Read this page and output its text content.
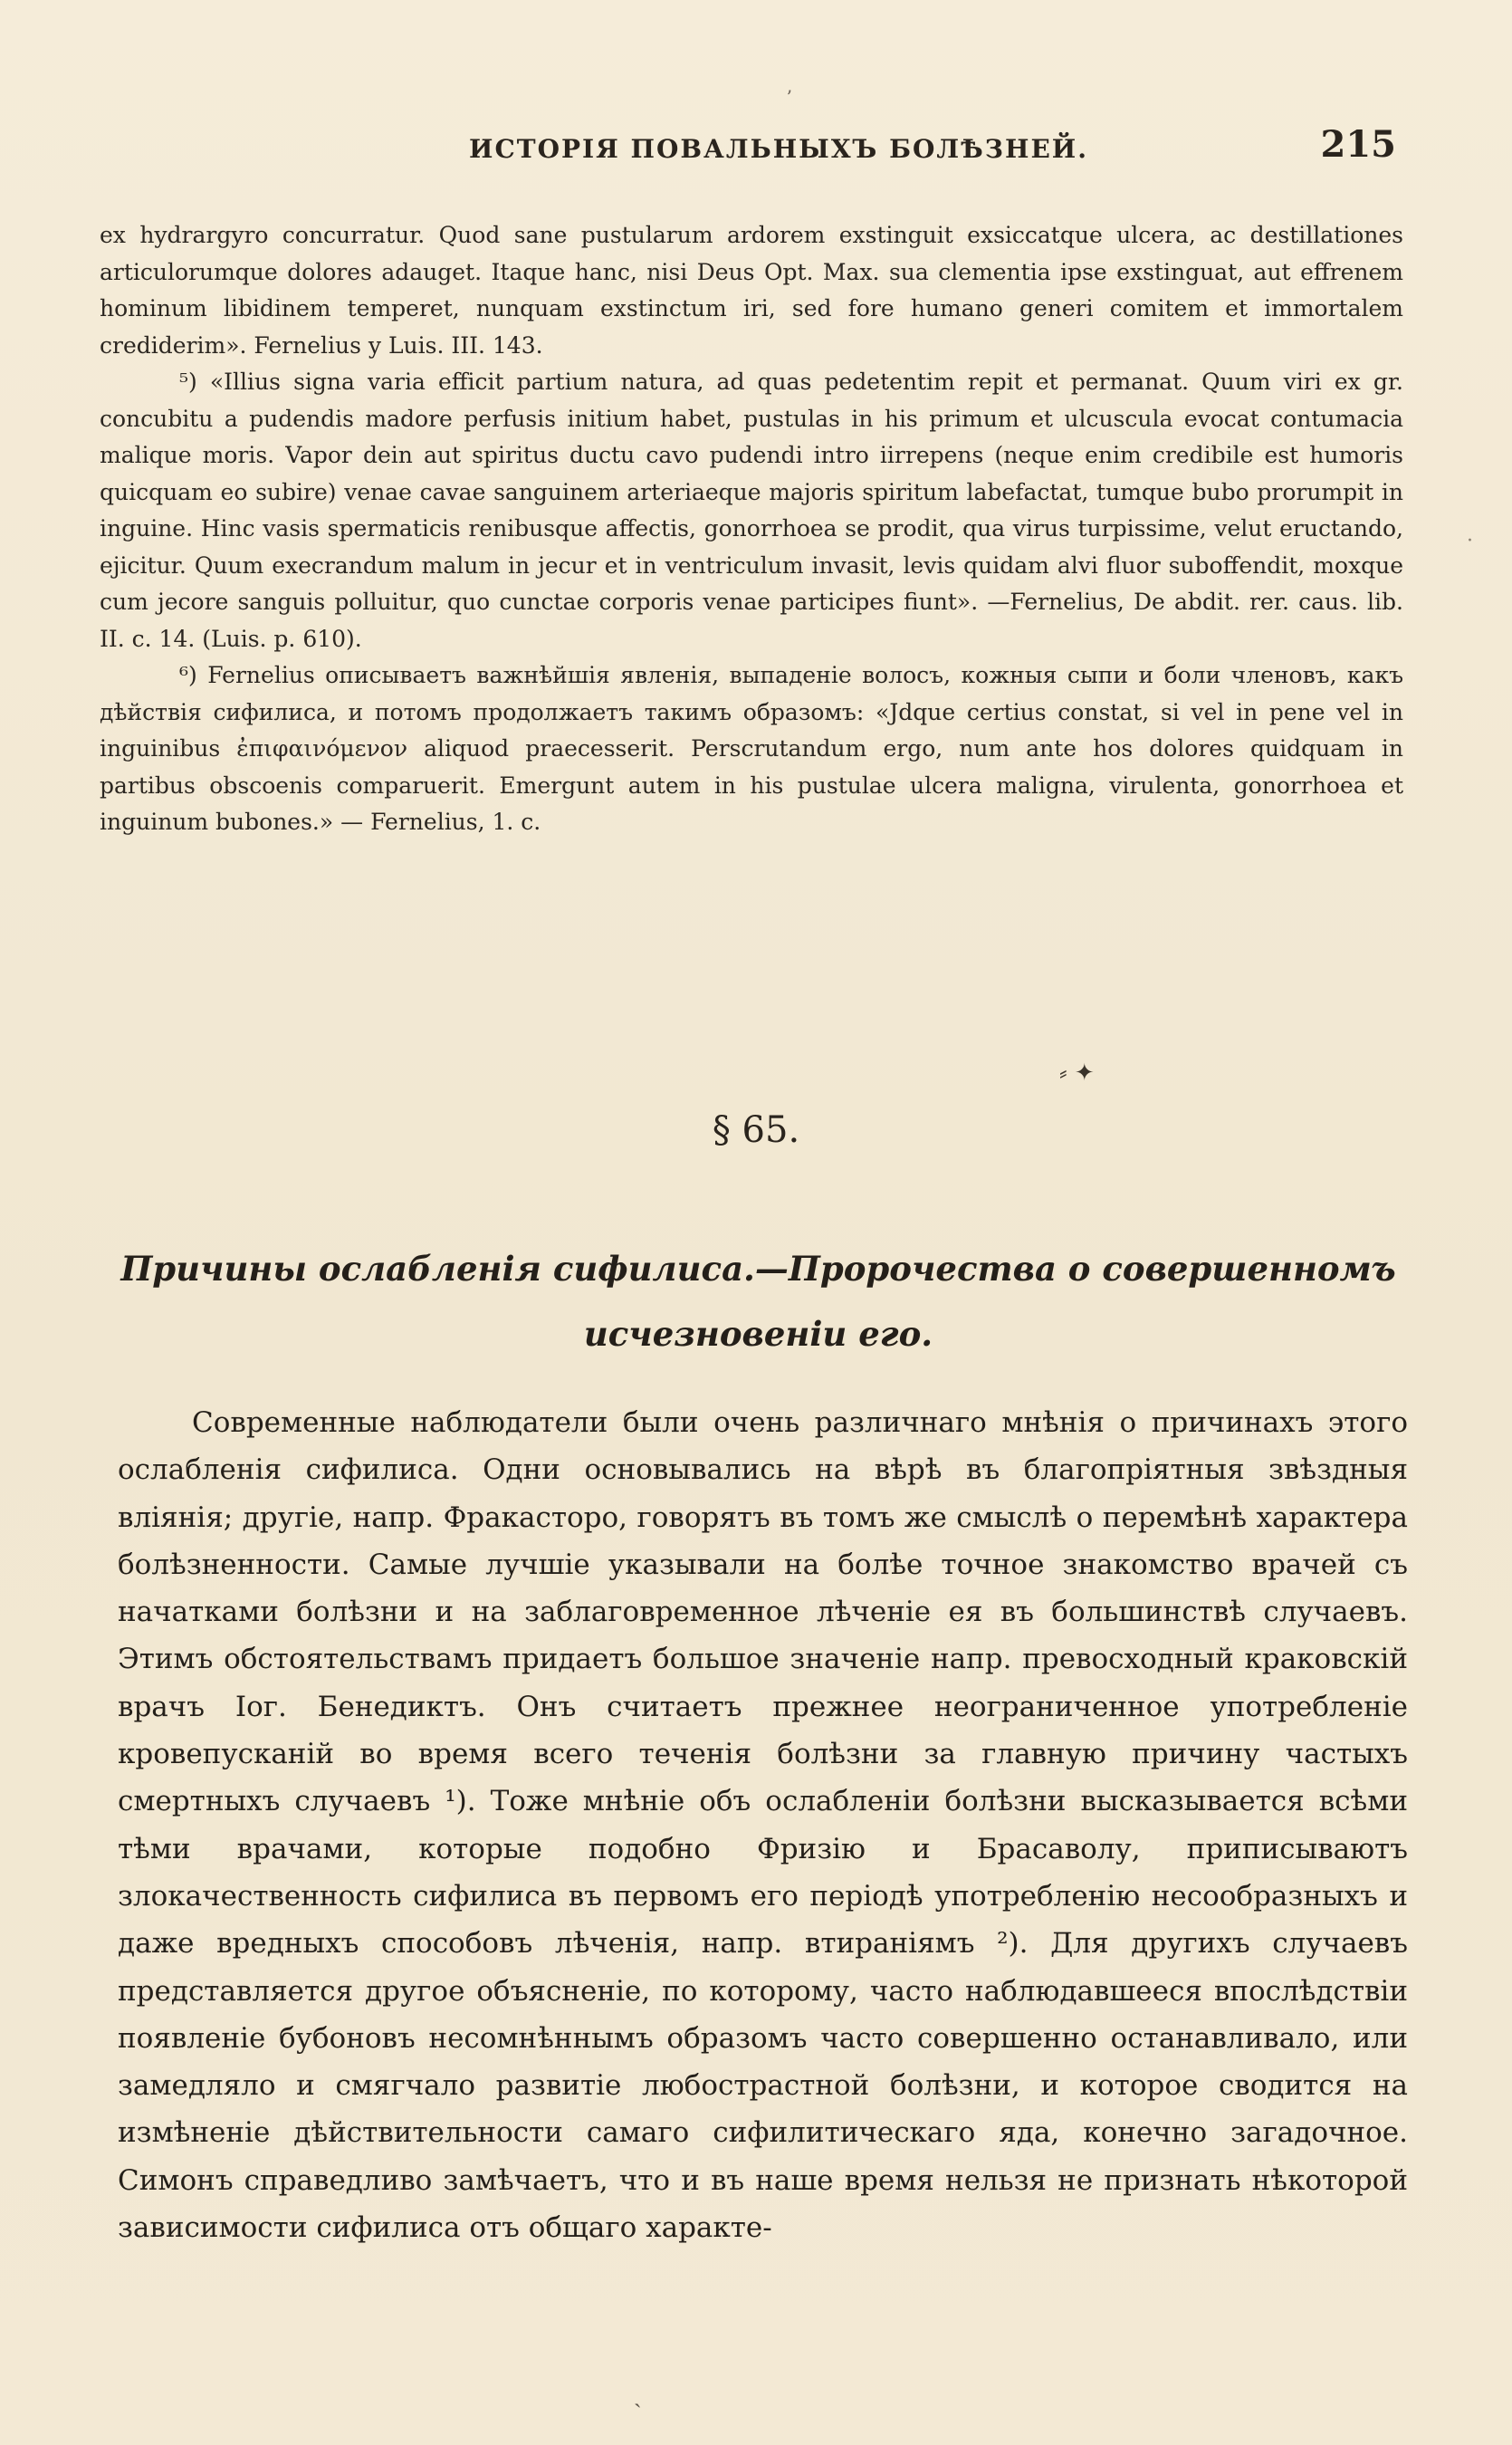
ʼ
ИСТОРІЯ ПОВАЛЬНЫХЪ БОЛѢЗНЕЙ.	215

ex hydrargyro concurratur. Quod sane pustularum ardorem exstinguit exsiccatque ulcera, ac destillationes articulorumque dolores adauget. Itaque hanc, nisi Deus Opt. Max. sua clementia ipse exstinguat, aut effrenem hominum libidinem temperet, nunquam exstinctum iri, sed fore humano generi comitem et immortalem crediderim». Fernelius y Luis. III. 143.

⁵) «Illius signa varia efficit partium natura, ad quas pedetentim repit et permanat. Quum viri ex gr. concubitu a pudendis madore perfusis initium habet, pustulas in his primum et ulcuscula evocat contumacia malique moris. Vapor dein aut spiritus ductu cavo pudendi intro iirrepens (neque enim credibile est humoris quicquam eo subire) venae cavae sanguinem arteriaeque majoris spiritum labefactat, tumque bubo prorumpit in inguine. Hinc vasis spermaticis renibusque affectis, gonorrhoea se prodit, qua virus turpissime, velut eructando, ejicitur. Quum execrandum malum in jecur et in ventriculum invasit, levis quidam alvi fluor suboffendit, moxque cum jecore sanguis polluitur, quo cunctae corporis venae participes fiunt». —Fernelius, De abdit. rer. caus. lib. II. c. 14. (Luis. p. 610).

⁶) Fernelius описываетъ важнѣйшія явленія, выпаденіе волосъ, кожныя сыпи и боли членовъ, какъ дѣйствія сифилиса, и потомъ продолжаетъ такимъ образомъ: «Jdque certius constat, si vel in pene vel in inguinibus ἐπιφαινόμενον aliquod praecesserit. Perscrutandum ergo, num ante hos dolores quidquam in partibus obscoenis comparuerit. Emergunt autem in his pustulae ulcera maligna, virulenta, gonorrhoea et inguinum bubones.» — Fernelius, 1. c.

·
⸗ ✦
§ 65.
Причины ослабленія сифилиса.—Пророчества о совершенномъ исчезновеніи его.

Современные наблюдатели были очень различнаго мнѣнія о причинахъ этого ослабленія сифилиса. Одни основывались на вѣрѣ въ благопріятныя звѣздныя вліянія; другіе, напр. Фракасторо, говорятъ въ томъ же смыслѣ о перемѣнѣ характера болѣзненности. Самые лучшіе указывали на болѣе точное знакомство врачей съ начатками болѣзни и на заблаговременное лѣченіе ея въ большинствѣ случаевъ. Этимъ обстоятельствамъ придаетъ большое значеніе напр. превосходный краковскій врачъ Іог. Бенедиктъ. Онъ считаетъ прежнее неограниченное употребленіе кровепусканій во время всего теченія болѣзни за главную причину частыхъ смертныхъ случаевъ ¹). Тоже мнѣніе объ ослабленіи болѣзни высказывается всѣми тѣми врачами, которые подобно Фризію и Брасаволу, приписываютъ злокачественность сифилиса въ первомъ его періодѣ употребленію несообразныхъ и даже вредныхъ способовъ лѣченія, напр. втираніямъ ²). Для другихъ случаевъ представляется другое объясненіе, по которому, часто наблюдавшееся впослѣдствіи появленіе бубоновъ несомнѣннымъ образомъ часто совершенно останавливало, или замедляло и смягчало развитіе любострастной болѣзни, и которое сводится на измѣненіе дѣйствительности самаго сифилитическаго яда, конечно загадочное. Симонъ справедливо замѣчаетъ, что и въ наше время нельзя не признать нѣкоторой зависимости сифилиса отъ общаго характе-

ˎ
